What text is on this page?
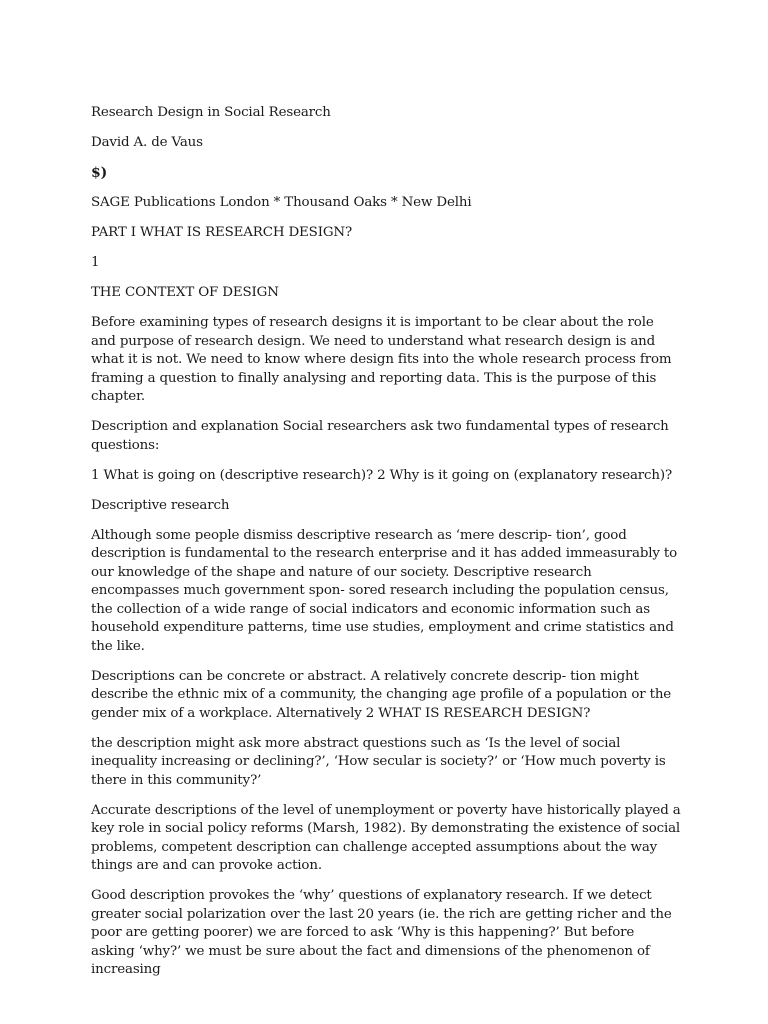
Research Design in Social Research

David A. de Vaus

$)

SAGE Publications London * Thousand Oaks * New Delhi

PART I WHAT IS RESEARCH DESIGN?

1

THE CONTEXT OF DESIGN

Before examining types of research designs it is important to be clear about the role and purpose of research design. We need to understand what research design is and what it is not. We need to know where design fits into the whole research process from framing a question to finally analysing and reporting data. This is the purpose of this chapter.

Description and explanation Social researchers ask two fundamental types of research questions:

1 What is going on (descriptive research)? 2 Why is it going on (explanatory research)?

Descriptive research

Although some people dismiss descriptive research as ‘mere descrip- tion’, good description is fundamental to the research enterprise and it has added immeasurably to our knowledge of the shape and nature of our society. Descriptive research encompasses much government spon- sored research including the population census, the collection of a wide range of social indicators and economic information such as household expenditure patterns, time use studies, employment and crime statistics and the like.

Descriptions can be concrete or abstract. A relatively concrete descrip- tion might describe the ethnic mix of a community, the changing age profile of a population or the gender mix of a workplace. Alternatively 2 WHAT IS RESEARCH DESIGN?

the description might ask more abstract questions such as ‘Is the level of social inequality increasing or declining?’, ‘How secular is society?’ or ‘How much poverty is there in this community?’

Accurate descriptions of the level of unemployment or poverty have historically played a key role in social policy reforms (Marsh, 1982). By demonstrating the existence of social problems, competent description can challenge accepted assumptions about the way things are and can provoke action.

Good description provokes the ‘why’ questions of explanatory research. If we detect greater social polarization over the last 20 years (ie. the rich are getting richer and the poor are getting poorer) we are forced to ask ‘Why is this happening?’ But before asking ‘why?’ we must be sure about the fact and dimensions of the phenomenon of increasing
